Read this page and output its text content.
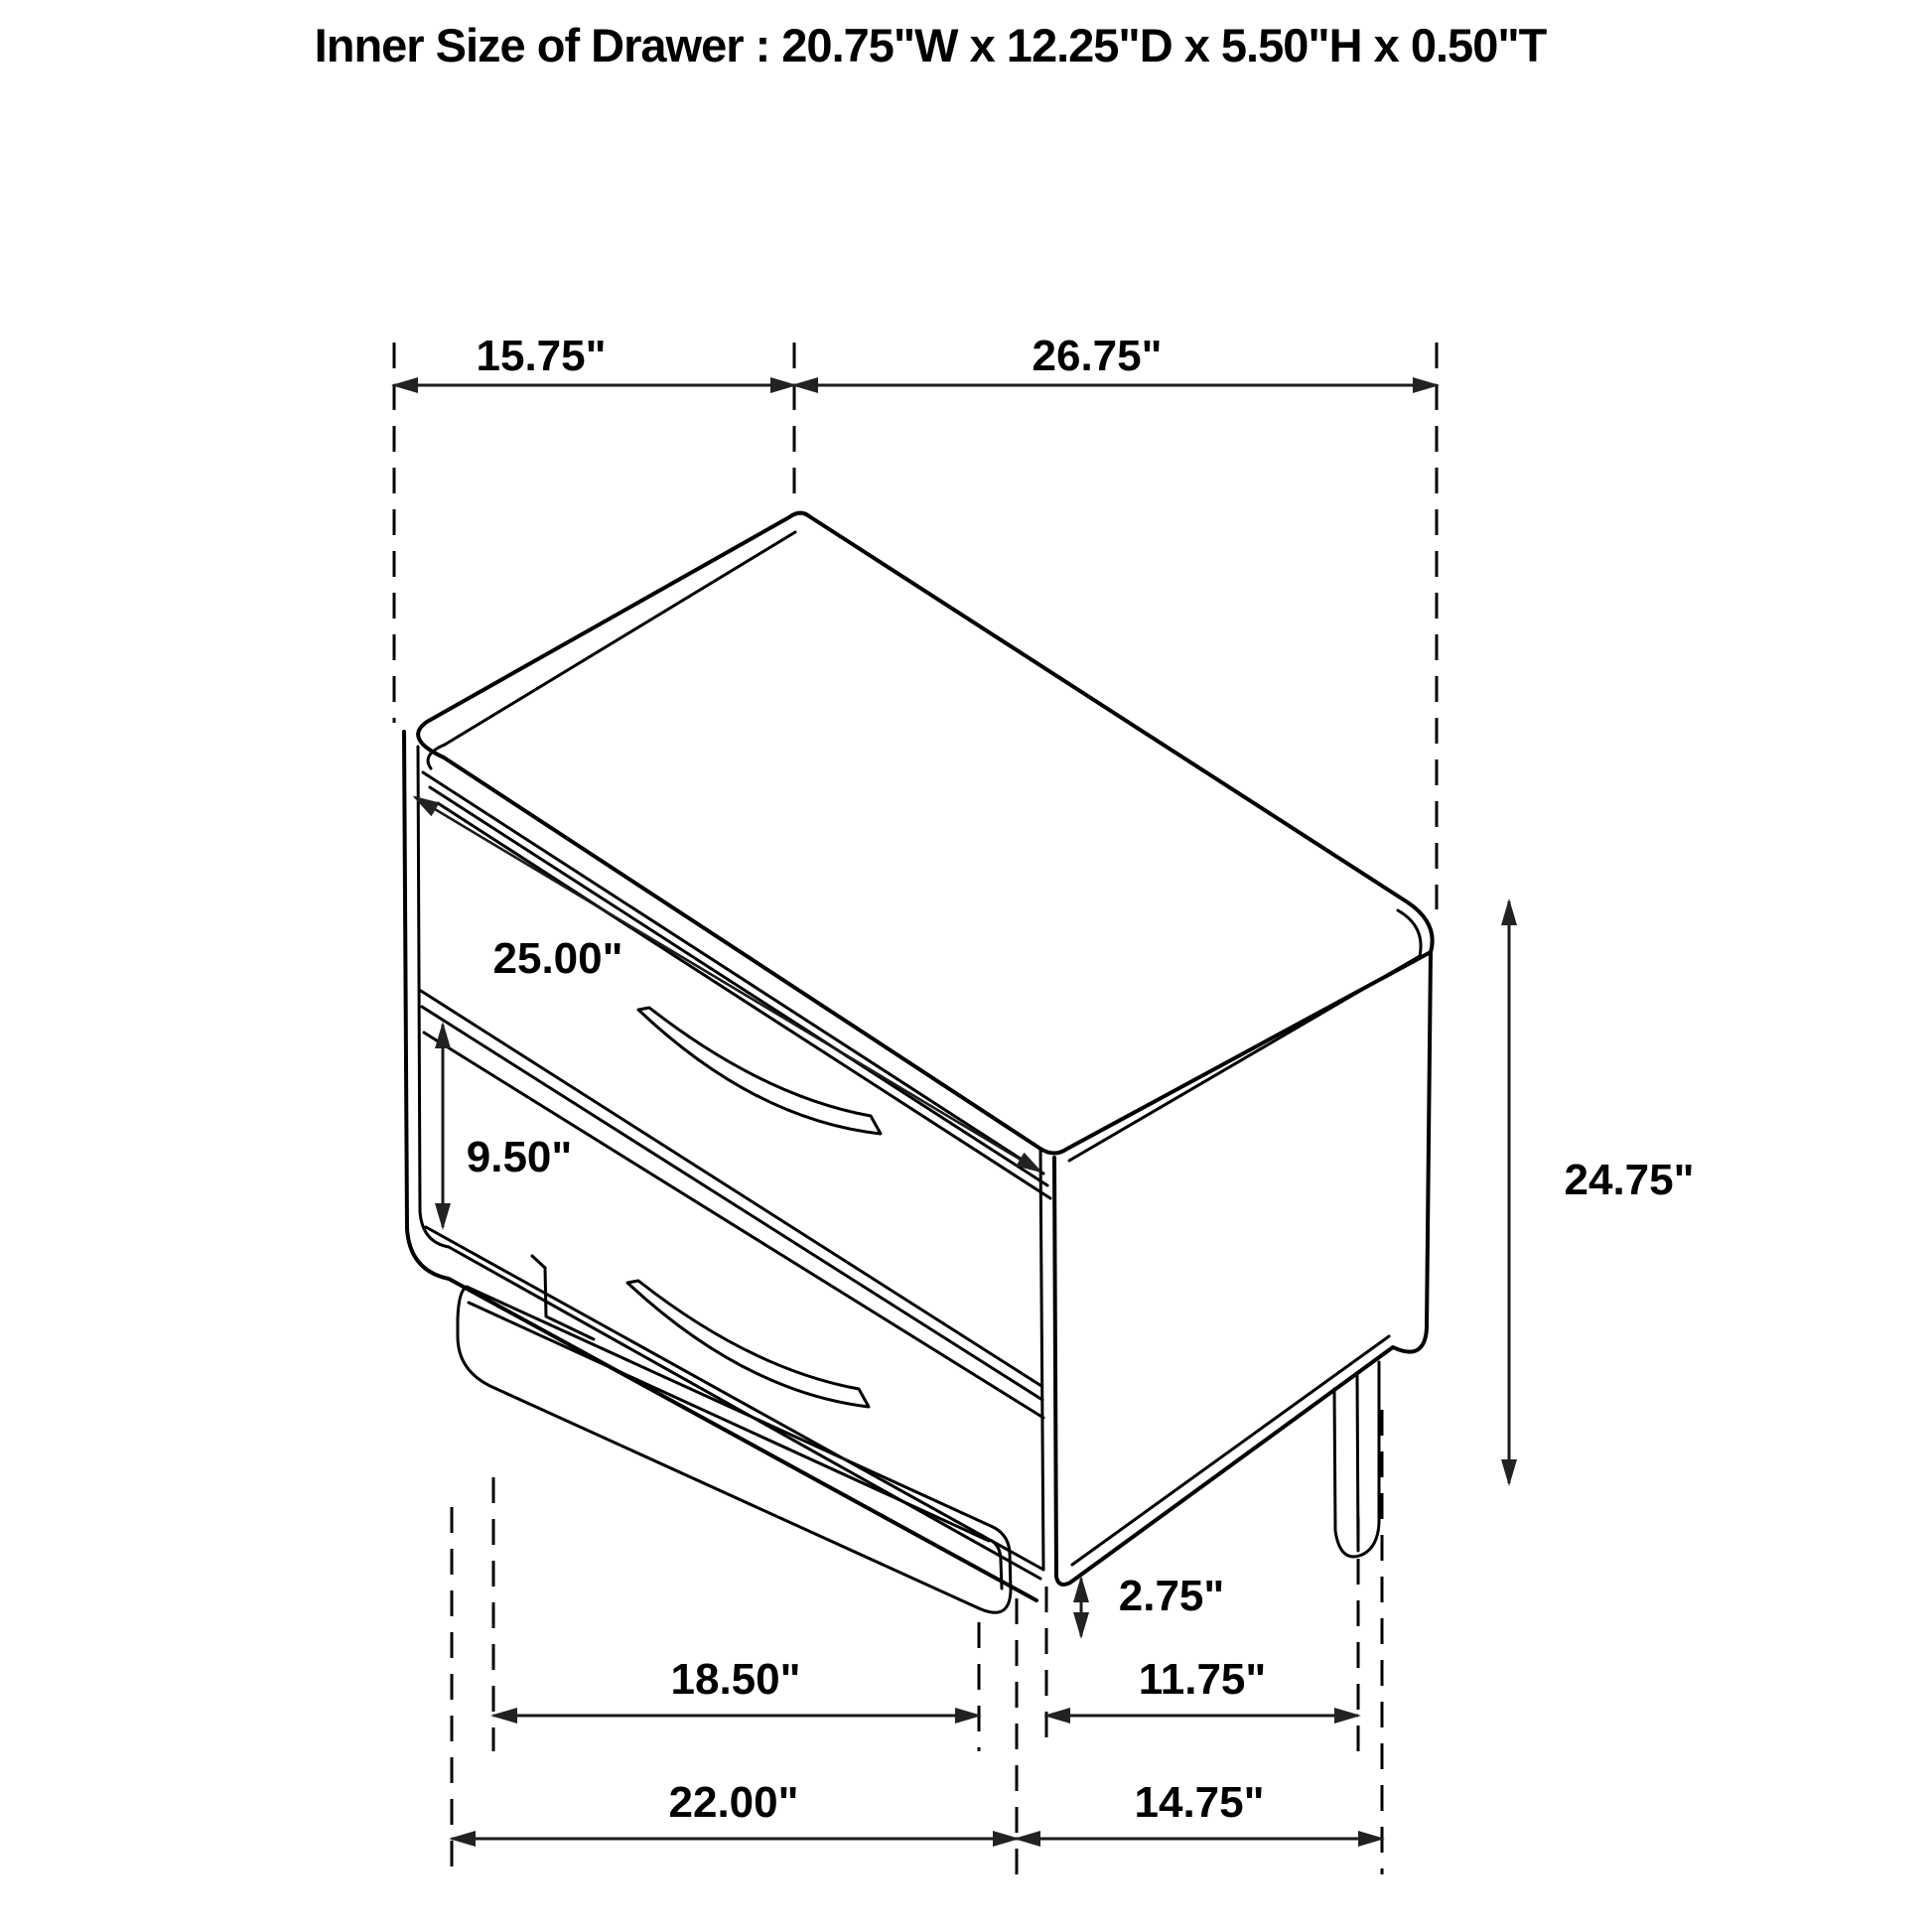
Inner Size of Drawer : 20.75"W x 12.25"D x 5.50"H x 0.50"T
15.75"	26.75"
25.00"
9.50"	24.75"
2.75"
18.50"	11.75"
22.00"	14.75"
